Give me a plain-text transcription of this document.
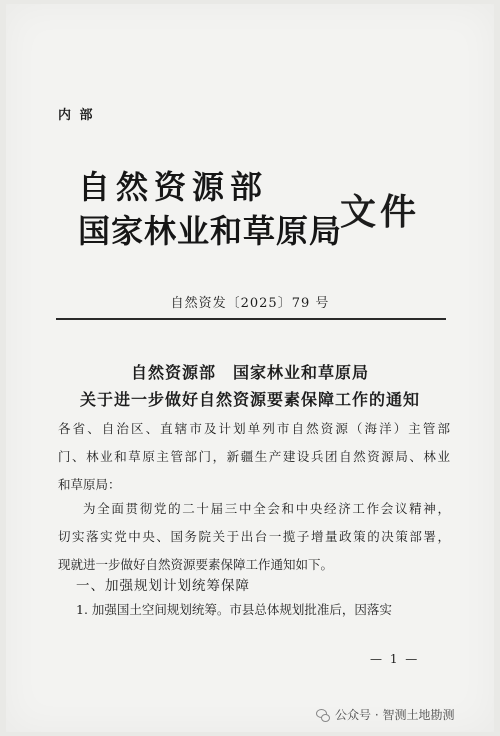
内 部
自然资源部
国家林业和草原局
文件
自然资发〔2025〕79 号
自然资源部　国家林业和草原局
关于进一步做好自然资源要素保障工作的通知
各省、自治区、直辖市及计划单列市自然资源（海洋）主管部
门、林业和草原主管部门，新疆生产建设兵团自然资源局、林业
和草原局：
为全面贯彻党的二十届三中全会和中央经济工作会议精神，
切实落实党中央、国务院关于出台一揽子增量政策的决策部署，
现就进一步做好自然资源要素保障工作通知如下。
一、加强规划计划统筹保障
1. 加强国土空间规划统筹。市县总体规划批准后，因落实
— 1 —
公众号 · 智测土地勘测
